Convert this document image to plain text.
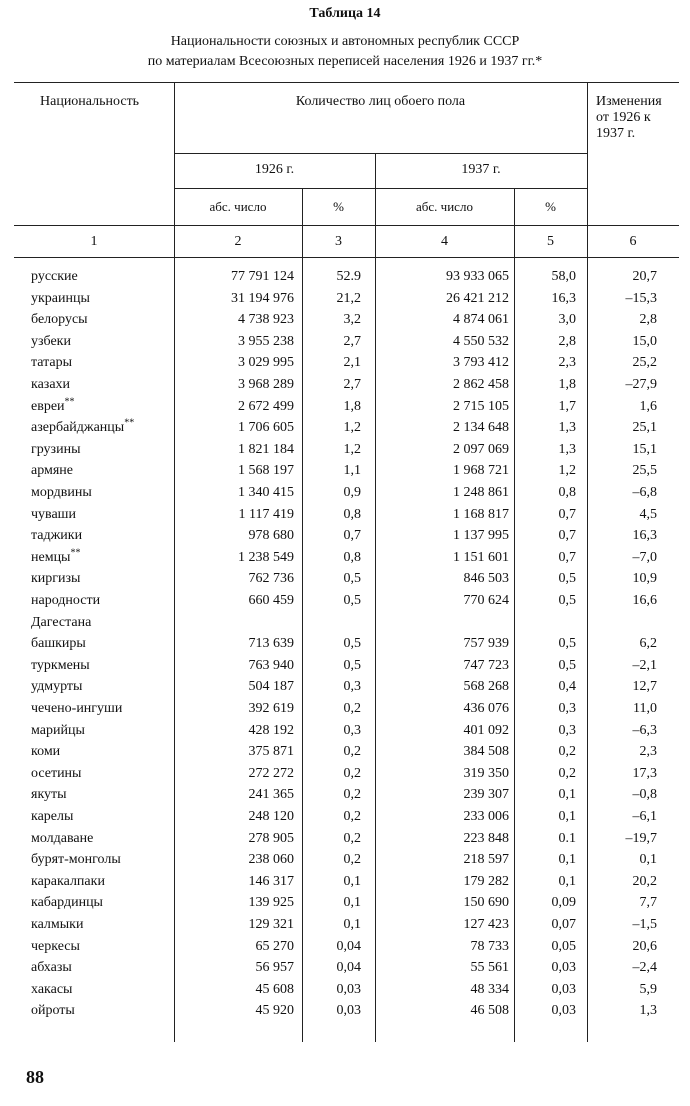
Таблица 14
Национальности союзных и автономных республик СССР
по материалам Всесоюзных переписей населения 1926 и 1937 гг.*
Национальность	Количество лиц обоего пола	Изменения
от 1926 к
1937 г.
1926 г.	1937 г.
абс. число	%	абс. число	%
1	2	3	4	5	6
русские	77 791 124	52.9	93 933 065	58,0	20,7
украинцы	31 194 976	21,2	26 421 212	16,3	–15,3
белорусы	4 738 923	3,2	4 874 061	3,0	2,8
узбеки	3 955 238	2,7	4 550 532	2,8	15,0
татары	3 029 995	2,1	3 793 412	2,3	25,2
казахи	3 968 289	2,7	2 862 458	1,8	–27,9
евреи**	2 672 499	1,8	2 715 105	1,7	1,6
азербайджанцы**	1 706 605	1,2	2 134 648	1,3	25,1
грузины	1 821 184	1,2	2 097 069	1,3	15,1
армяне	1 568 197	1,1	1 968 721	1,2	25,5
мордвины	1 340 415	0,9	1 248 861	0,8	–6,8
чуваши	1 117 419	0,8	1 168 817	0,7	4,5
таджики	978 680	0,7	1 137 995	0,7	16,3
немцы**	1 238 549	0,8	1 151 601	0,7	–7,0
киргизы	762 736	0,5	846 503	0,5	10,9
народности	660 459	0,5	770 624	0,5	16,6
Дагестана
башкиры	713 639	0,5	757 939	0,5	6,2
туркмены	763 940	0,5	747 723	0,5	–2,1
удмурты	504 187	0,3	568 268	0,4	12,7
чечено-ингуши	392 619	0,2	436 076	0,3	11,0
марийцы	428 192	0,3	401 092	0,3	–6,3
коми	375 871	0,2	384 508	0,2	2,3
осетины	272 272	0,2	319 350	0,2	17,3
якуты	241 365	0,2	239 307	0,1	–0,8
карелы	248 120	0,2	233 006	0,1	–6,1
молдаване	278 905	0,2	223 848	0.1	–19,7
бурят-монголы	238 060	0,2	218 597	0,1	0,1
каракалпаки	146 317	0,1	179 282	0,1	20,2
кабардинцы	139 925	0,1	150 690	0,09	7,7
калмыки	129 321	0,1	127 423	0,07	–1,5
черкесы	65 270	0,04	78 733	0,05	20,6
абхазы	56 957	0,04	55 561	0,03	–2,4
хакасы	45 608	0,03	48 334	0,03	5,9
ойроты	45 920	0,03	46 508	0,03	1,3
88
